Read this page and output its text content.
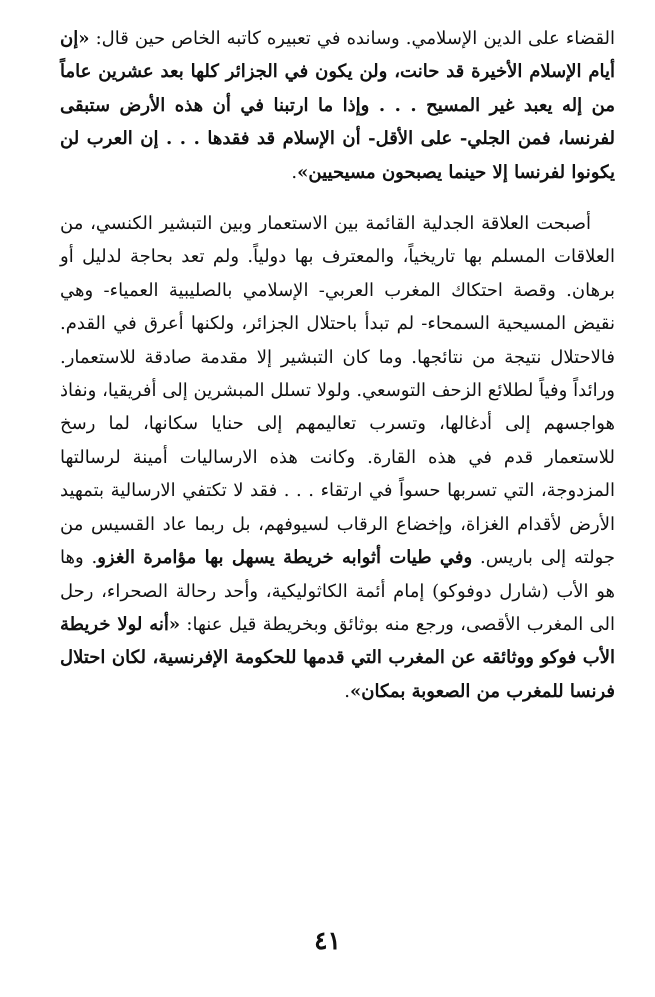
القضاء على الدين الإسلامي. وسانده في تعبيره كاتبه الخاص حين قال: «إن أيام الإسلام الأخيرة قد حانت، ولن يكون في الجزائر كلها بعد عشرين عاماً من إله يعبد غير المسيح . . . وإذا ما ارتبنا في أن هذه الأرض ستبقى لفرنسا، فمن الجلي- على الأقل- أن الإسلام قد فقدها . . . إن العرب لن يكونوا لفرنسا إلا حينما يصبحون مسيحيين».

أصبحت العلاقة الجدلية القائمة بين الاستعمار وبين التبشير الكنسي، من العلاقات المسلم بها تاريخياً، والمعترف بها دولياً. ولم تعد بحاجة لدليل أو برهان. وقصة احتكاك المغرب العربي- الإسلامي بالصليبية العمياء- وهي نقيض المسيحية السمحاء- لم تبدأ باحتلال الجزائر، ولكنها أعرق في القدم. فالاحتلال نتيجة من نتائجها. وما كان التبشير إلا مقدمة صادقة للاستعمار. ورائداً وفياً لطلائع الزحف التوسعي. ولولا تسلل المبشرين إلى أفريقيا، ونفاذ هواجسهم إلى أدغالها، وتسرب تعاليمهم إلى حنايا سكانها، لما رسخ للاستعمار قدم في هذه القارة. وكانت هذه الارساليات أمينة لرسالتها المزدوجة، التي تسربها حسواً في ارتقاء . . . فقد لا تكتفي الارسالية بتمهيد الأرض لأقدام الغزاة، وإخضاع الرقاب لسيوفهم، بل ربما عاد القسيس من جولته إلى باريس. وفي طيات أثوابه خريطة يسهل بها مؤامرة الغزو. وها هو الأب (شارل دوفوكو) إمام أئمة الكاثوليكية، وأحد رحالة الصحراء، رحل الى المغرب الأقصى، ورجع منه بوثائق وبخريطة قيل عنها: «أنه لولا خريطة الأب فوكو ووثائقه عن المغرب التي قدمها للحكومة الإفرنسية، لكان احتلال فرنسا للمغرب من الصعوبة بمكان».

٤١
